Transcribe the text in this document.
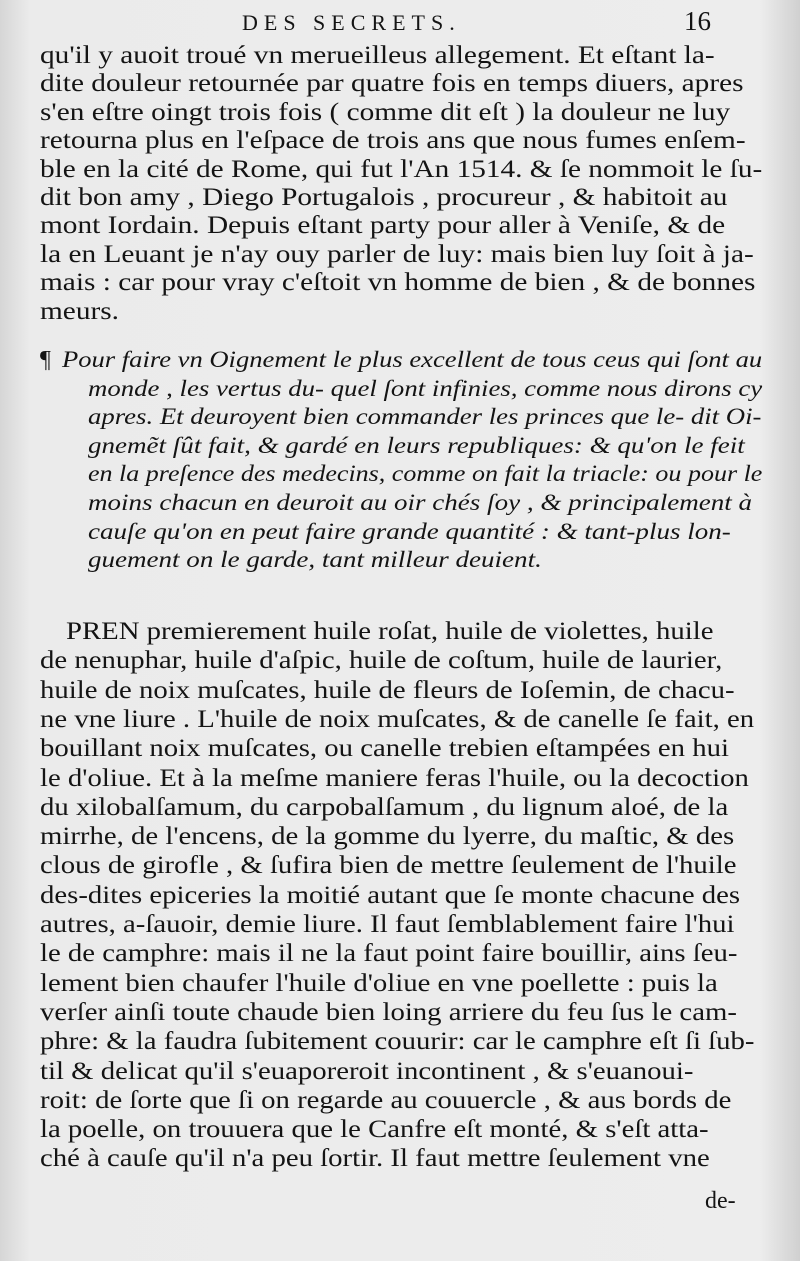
DES SECRETS.	16
qu'il y auoit troué vn merueilleus allegement. Et eſtant la-
dite douleur retournée par quatre fois en temps diuers, apres
s'en eſtre oingt trois fois ( comme dit eſt ) la douleur ne luy
retourna plus en l'eſpace de trois ans que nous fumes enſem-
ble en la cité de Rome, qui fut l'An 1514. & ſe nommoit le ſu-
dit bon amy , Diego Portugalois , procureur , & habitoit au
mont Iordain. Depuis eſtant party pour aller à Veniſe, & de
la en Leuant je n'ay ouy parler de luy: mais bien luy ſoit à ja-
mais : car pour vray c'eſtoit vn homme de bien , & de bonnes
meurs.
Pour faire vn Oignement le plus excellent de tous ceus qui ſont au
monde , les vertus du- quel ſont infinies, comme nous dirons cy
apres. Et deuroyent bien commander les princes que le- dit Oi-
gnemẽt ſût fait, & gardé en leurs republiques: & qu'on le feit
en la preſence des medecins, comme on fait la triacle: ou pour le
moins chacun en deuroit au oir chés ſoy , & principalement à
cauſe qu'on en peut faire grande quantité : & tant-plus lon-
guement on le garde, tant milleur deuient.
¶
PREN premierement huile roſat, huile de violettes, huile
de nenuphar, huile d'aſpic, huile de coſtum, huile de laurier,
huile de noix muſcates, huile de fleurs de Ioſemin, de chacu-
ne vne liure . L'huile de noix muſcates, & de canelle ſe fait, en
bouillant noix muſcates, ou canelle trebien eſtampées en hui
le d'oliue. Et à la meſme maniere feras l'huile, ou la decoction
du xilobalſamum, du carpobalſamum , du lignum aloé, de la
mirrhe, de l'encens, de la gomme du lyerre, du maſtic, & des
clous de girofle , & ſufira bien de mettre ſeulement de l'huile
des-dites epiceries la moitié autant que ſe monte chacune des
autres, a-ſauoir, demie liure. Il faut ſemblablement faire l'hui
le de camphre: mais il ne la faut point faire bouillir, ains ſeu-
lement bien chaufer l'huile d'oliue en vne poellette : puis la
verſer ainſi toute chaude bien loing arriere du feu ſus le cam-
phre: & la faudra ſubitement couurir: car le camphre eſt ſi ſub-
til & delicat qu'il s'euaporeroit incontinent , & s'euanoui-
roit: de ſorte que ſi on regarde au couuercle , & aus bords de
la poelle, on trouuera que le Canfre eſt monté, & s'eſt atta-
ché à cauſe qu'il n'a peu ſortir. Il faut mettre ſeulement vne
de-
